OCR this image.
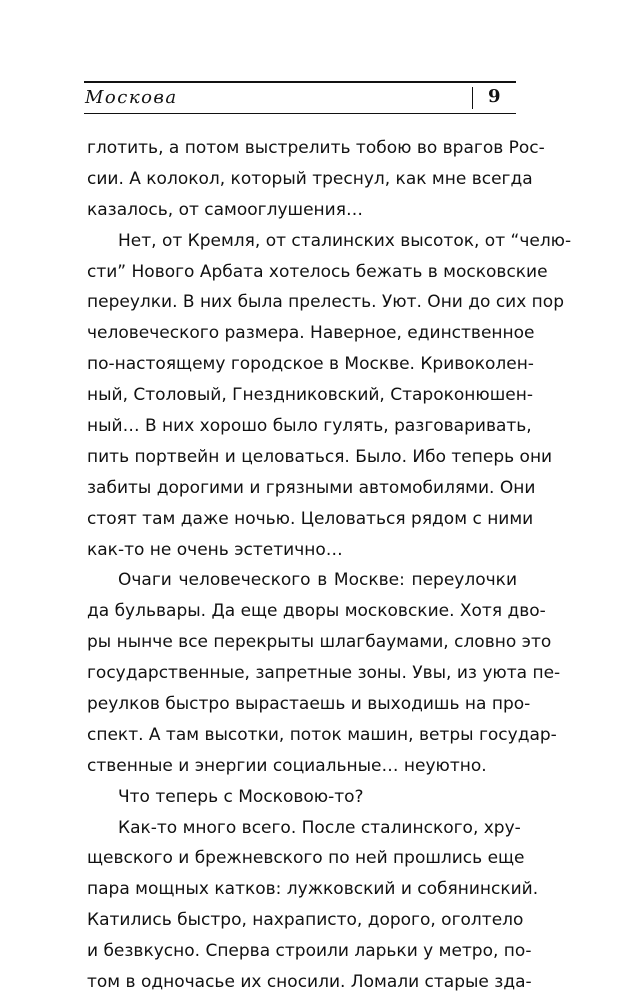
Москова	9
глотить, а потом выстрелить тобою во врагов Рос-
сии. А колокол, который треснул, как мне всегда
казалось, от самооглушения…
Нет, от Кремля, от сталинских высоток, от “челю-
сти” Нового Арбата хотелось бежать в московские
переулки. В них была прелесть. Уют. Они до сих пор
человеческого размера. Наверное, единственное
по-настоящему городское в Москве. Кривоколен-
ный, Столовый, Гнездниковский, Староконюшен-
ный… В них хорошо было гулять, разговаривать,
пить портвейн и целоваться. Было. Ибо теперь они
забиты дорогими и грязными автомобилями. Они
стоят там даже ночью. Целоваться рядом с ними
как-то не очень эстетично…
Очаги человеческого в Москве: переулочки
да бульвары. Да еще дворы московские. Хотя дво-
ры нынче все перекрыты шлагбаумами, словно это
государственные, запретные зоны. Увы, из уюта пе-
реулков быстро вырастаешь и выходишь на про-
спект. А там высотки, поток машин, ветры государ-
ственные и энергии социальные… неуютно.
Что теперь с Московою-то?
Как-то много всего. После сталинского, хру-
щевского и брежневского по ней прошлись еще
пара мощных катков: лужковский и собянинский.
Катились быстро, нахраписто, дорого, оголтело
и безвкусно. Сперва строили ларьки у метро, по-
том в одночасье их сносили. Ломали старые зда-
